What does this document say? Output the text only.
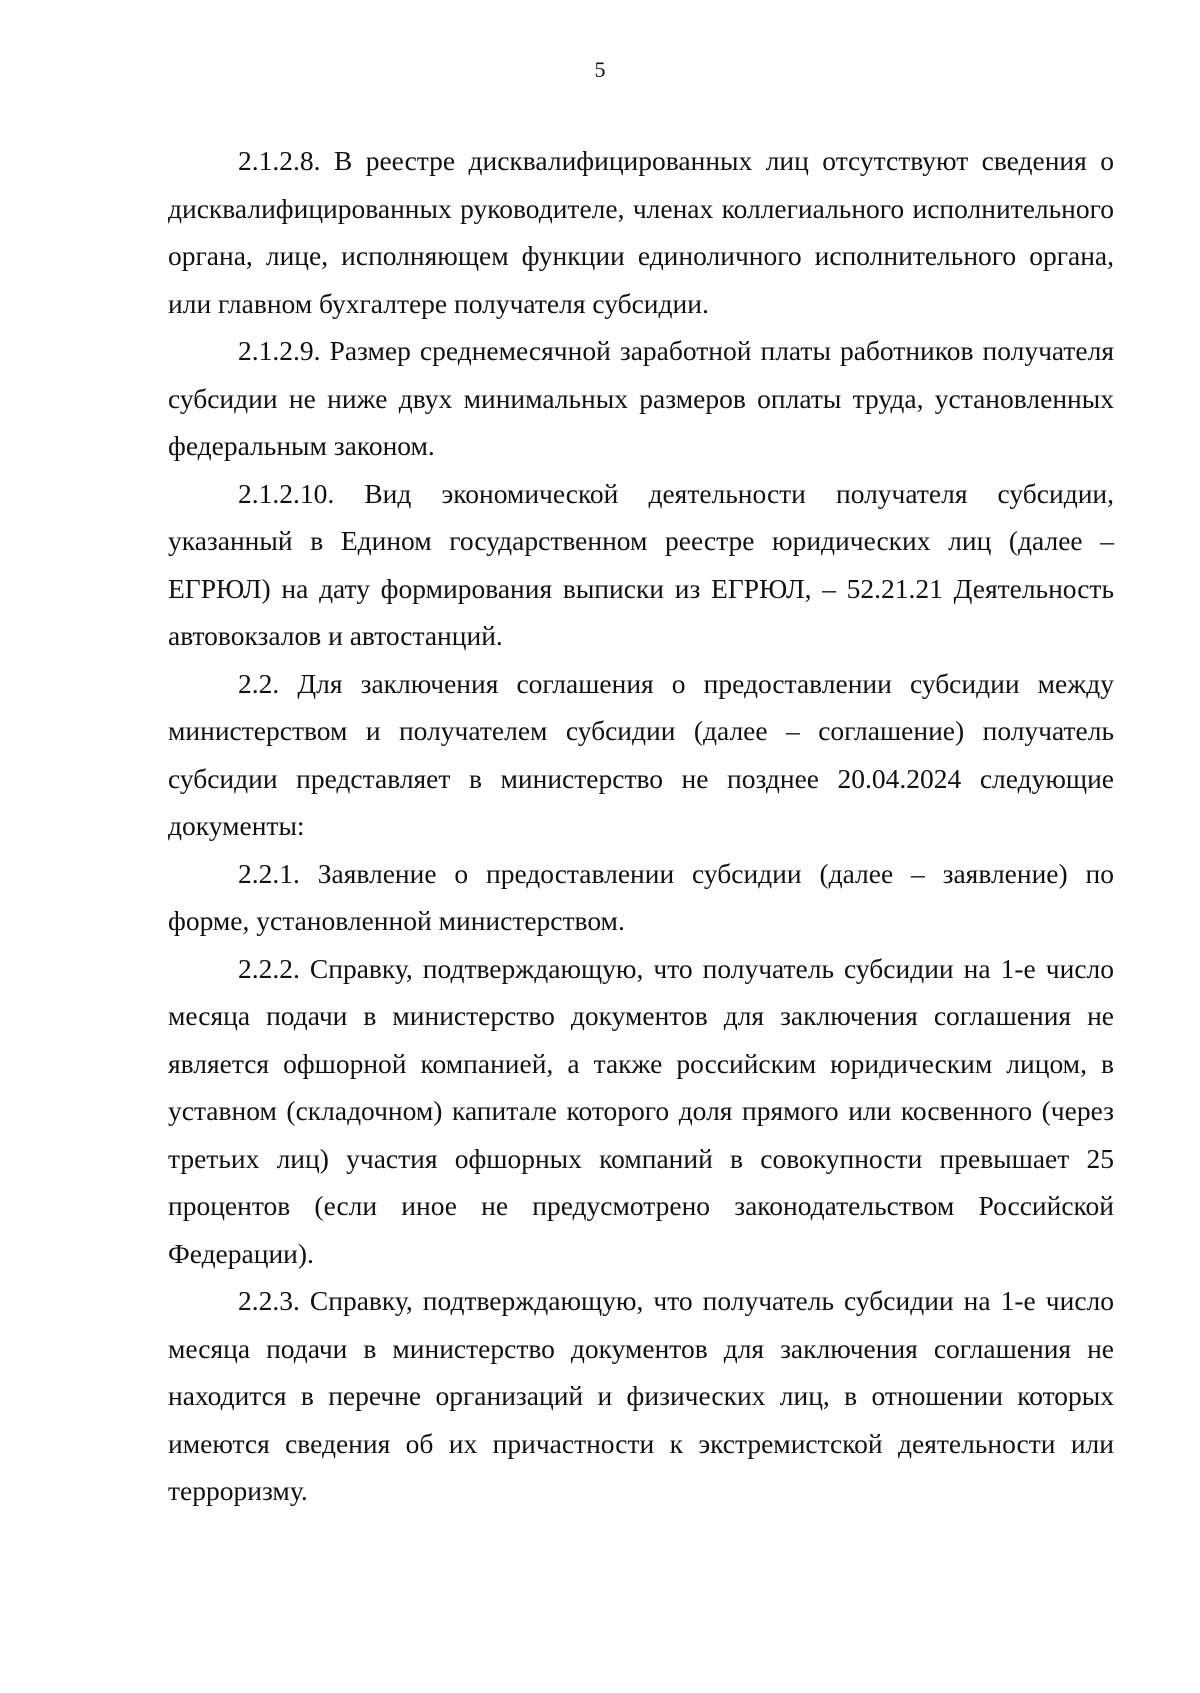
5

2.1.2.8. В реестре дисквалифицированных лиц отсутствуют сведения о дисквалифицированных руководителе, членах коллегиального исполнительного органа, лице, исполняющем функции единоличного исполнительного органа, или главном бухгалтере получателя субсидии.

2.1.2.9. Размер среднемесячной заработной платы работников получателя субсидии не ниже двух минимальных размеров оплаты труда, установленных федеральным законом.

2.1.2.10. Вид экономической деятельности получателя субсидии, указанный в Едином государственном реестре юридических лиц (далее – ЕГРЮЛ) на дату формирования выписки из ЕГРЮЛ, – 52.21.21 Деятельность автовокзалов и автостанций.

2.2. Для заключения соглашения о предоставлении субсидии между министерством и получателем субсидии (далее – соглашение) получатель субсидии представляет в министерство не позднее 20.04.2024 следующие документы:

2.2.1. Заявление о предоставлении субсидии (далее – заявление) по форме, установленной министерством.

2.2.2. Справку, подтверждающую, что получатель субсидии на 1-е число месяца подачи в министерство документов для заключения соглашения не является офшорной компанией, а также российским юридическим лицом, в уставном (складочном) капитале которого доля прямого или косвенного (через третьих лиц) участия офшорных компаний в совокупности превышает 25 процентов (если иное не предусмотрено законодательством Российской Федерации).

2.2.3. Справку, подтверждающую, что получатель субсидии на 1-е число месяца подачи в министерство документов для заключения соглашения не находится в перечне организаций и физических лиц, в отношении которых имеются сведения об их причастности к экстремистской деятельности или терроризму.
